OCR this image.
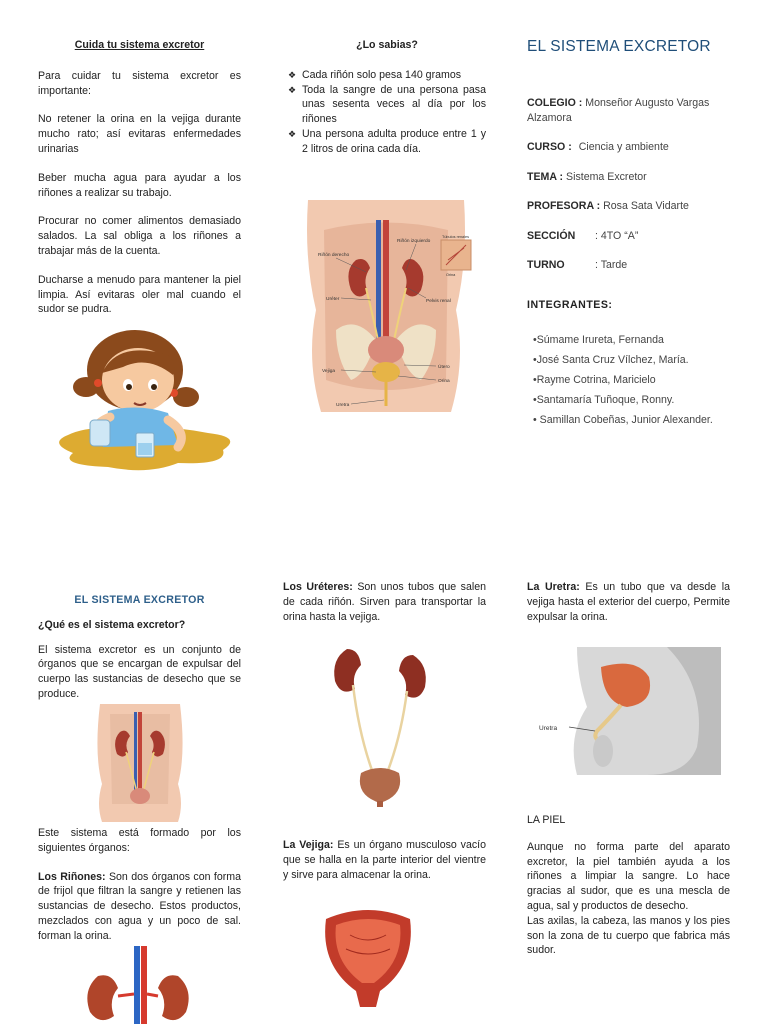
Cuida tu sistema excretor

Para cuidar tu sistema excretor es importante:

No retener la orina en la vejiga durante mucho rato; así evitaras enfermedades urinarias

Beber mucha agua para ayudar a los riñones a realizar su trabajo.

Procurar no comer alimentos demasiado salados. La sal obliga a los riñones a trabajar más de la cuenta.

Ducharse a menudo para mantener la piel limpia. Así evitaras oler mal cuando el sudor se pudra.

¿Lo sabias?

❖ Cada riñón solo pesa 140 gramos
❖ Toda la sangre de una persona pasa unas sesenta veces al día por los riñones
❖ Una persona adulta produce entre 1 y 2 litros de orina cada día.
Riñón derecho
Riñón izquierdo
Túbulos renales
Orina
Uréter	Pelvis renal
Vejiga
Útero
Orina
Uretra

EL SISTEMA EXCRETOR

COLEGIO : Monseñor Augusto Vargas Alzamora
CURSO : Ciencia y ambiente
TEMA : Sistema Excretor
PROFESORA : Rosa Sata Vidarte
SECCIÓN : 4TO “A”
TURNO	: Tarde

INTEGRANTES:

•Súmame Irureta, Fernanda
•José Santa Cruz Vílchez, María.
•Rayme Cotrina, Maricielo
•Santamaría Tuñoque, Ronny.
• Samillan Cobeñas, Junior Alexander.

EL SISTEMA EXCRETOR

¿Qué es el sistema excretor?

El sistema excretor es un conjunto de órganos que se encargan de expulsar del cuerpo las sustancias de desecho que se produce.

Este sistema está formado por los siguientes órganos:

Los Riñones: Son dos órganos con forma de frijol que filtran la sangre y retienen las sustancias de desecho. Estos productos, mezclados con agua y un poco de sal. forman la orina.

Los Uréteres: Son unos tubos que salen de cada riñón. Sirven para transportar la orina hasta la vejiga.

La Vejiga: Es un órgano musculoso vacío que se halla en la parte interior del vientre y sirve para almacenar la orina.

La Uretra: Es un tubo que va desde la vejiga hasta el exterior del cuerpo, Permite expulsar la orina.

Uretra

LA PIEL

Aunque no forma parte del aparato excretor, la piel también ayuda a los riñones a limpiar la sangre. Lo hace gracias al sudor, que es una mescla de agua, sal y productos de desecho.

Las axilas, la cabeza, las manos y los pies son la zona de tu cuerpo que fabrica más sudor.
